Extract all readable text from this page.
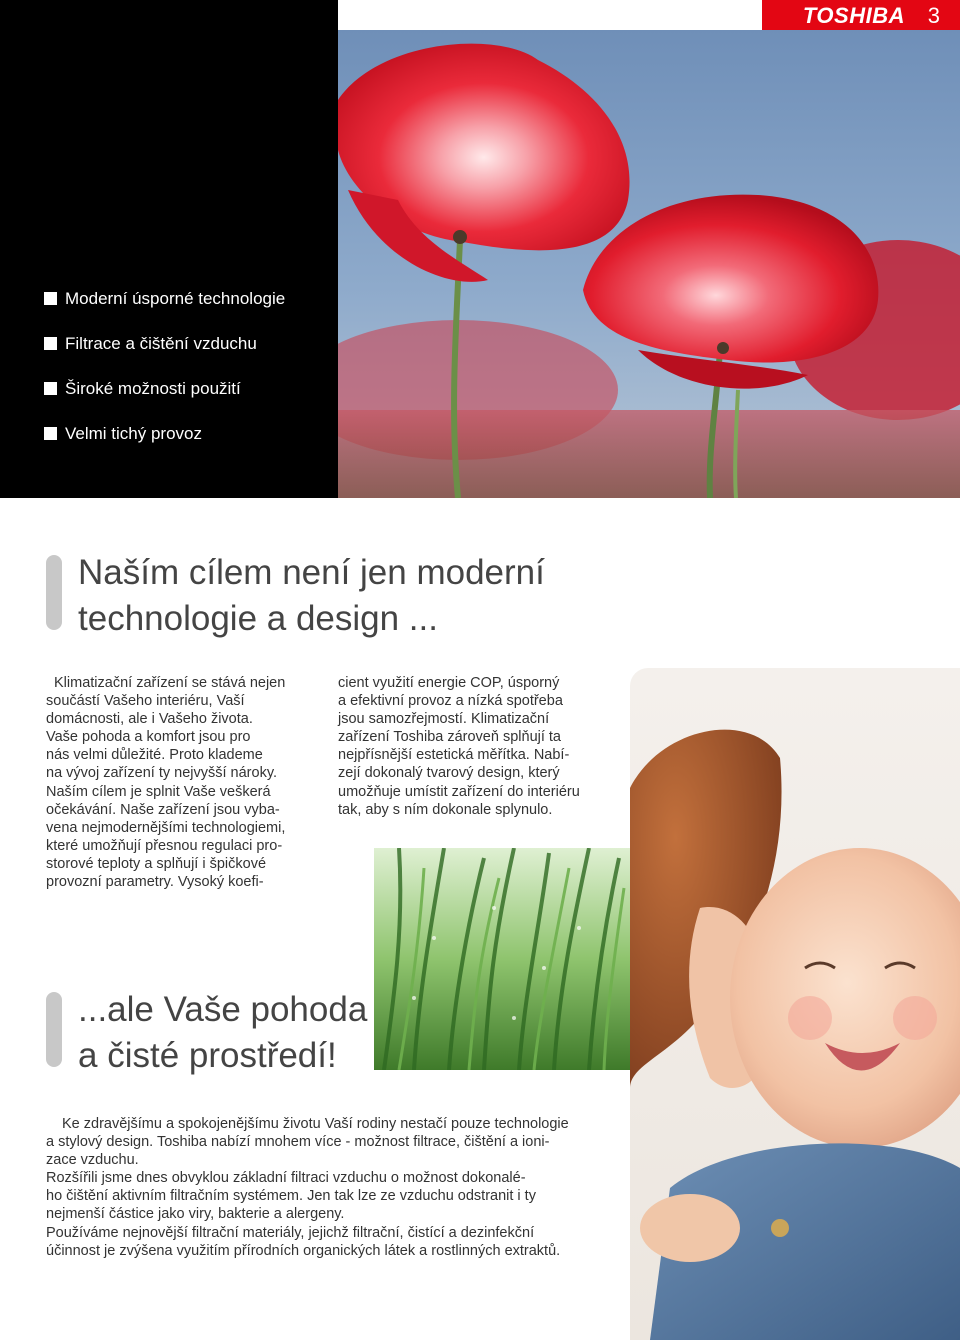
TOSHIBA 3
Moderní úsporné technologie
Filtrace a čištění vzduchu
Široké možnosti použití
Velmi tichý provoz
Naším cílem není jen moderní
technologie a design ...
Klimatizační zařízení se stává nejen
součástí Vašeho interiéru, Vaší
domácnosti, ale i Vašeho života.
Vaše pohoda a komfort jsou pro
nás velmi důležité. Proto klademe
na vývoj zařízení ty nejvyšší nároky.
Naším cílem je splnit Vaše veškerá
očekávání. Naše zařízení jsou vyba-
vena nejmodernějšími technologiemi,
které umožňují přesnou regulaci pro-
storové teploty a splňují i špičkové
provozní parametry. Vysoký koefi-
cient využití energie COP, úsporný
a efektivní provoz a nízká spotřeba
jsou samozřejmostí. Klimatizační
zařízení Toshiba zároveň splňují ta
nejpřísnější estetická měřítka. Nabí-
zejí dokonalý tvarový design, který
umožňuje umístit zařízení do interiéru
tak, aby s ním dokonale splynulo.
...ale Vaše pohoda
a čisté prostředí!

Ke zdravějšímu a spokojenějšímu životu Vaší rodiny nestačí pouze technologie
a stylový design. Toshiba nabízí mnohem více - možnost filtrace, čištění a ioni-
zace vzduchu.

Rozšířili jsme dnes obvyklou základní filtraci vzduchu o možnost dokonalé-
ho čištění aktivním filtračním systémem. Jen tak lze ze vzduchu odstranit i ty
nejmenší částice jako viry, bakterie a alergeny.

Používáme nejnovější filtrační materiály, jejichž filtrační, čistící a dezinfekční
účinnost je zvýšena využitím přírodních organických látek a rostlinných extraktů.
